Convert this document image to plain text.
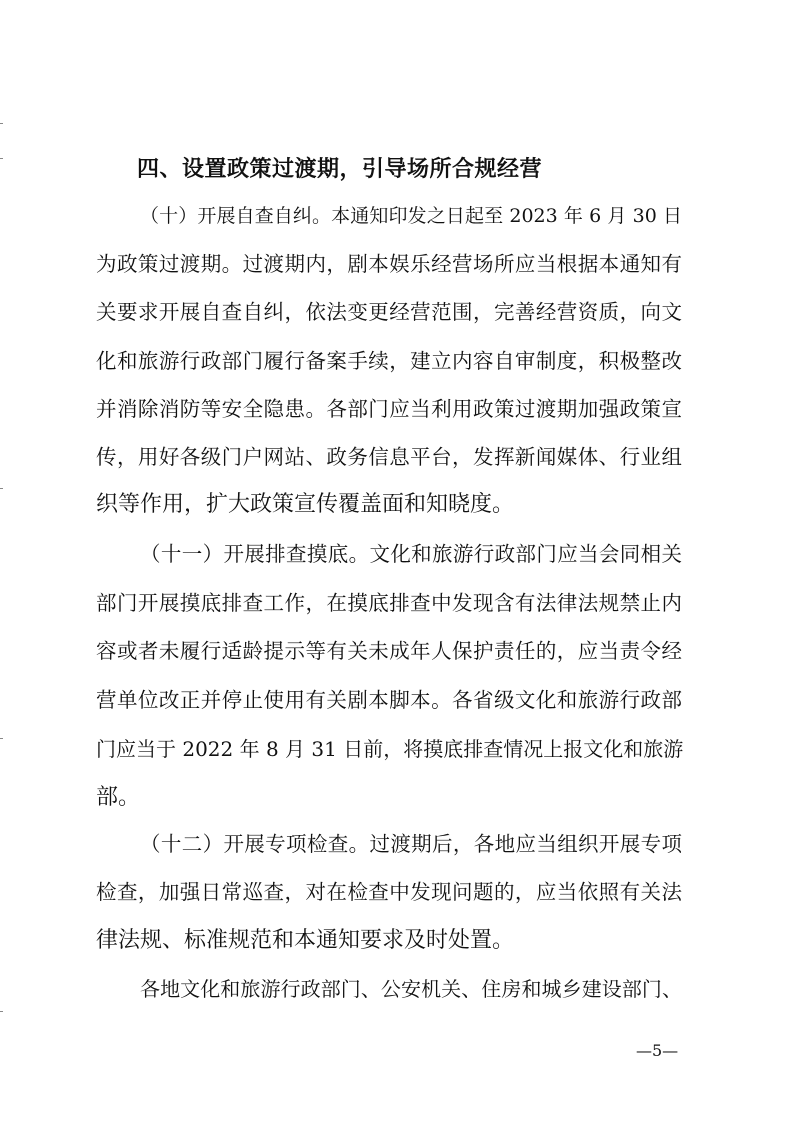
四、设置政策过渡期，引导场所合规经营
（十）开展自查自纠。本通知印发之日起至 2023 年 6 月 30 日
为政策过渡期。过渡期内，剧本娱乐经营场所应当根据本通知有
关要求开展自查自纠，依法变更经营范围，完善经营资质，向文
化和旅游行政部门履行备案手续，建立内容自审制度，积极整改
并消除消防等安全隐患。各部门应当利用政策过渡期加强政策宣
传，用好各级门户网站、政务信息平台，发挥新闻媒体、行业组
织等作用，扩大政策宣传覆盖面和知晓度。
（十一）开展排查摸底。文化和旅游行政部门应当会同相关
部门开展摸底排查工作，在摸底排查中发现含有法律法规禁止内
容或者未履行适龄提示等有关未成年人保护责任的，应当责令经
营单位改正并停止使用有关剧本脚本。各省级文化和旅游行政部
门应当于 2022 年 8 月 31 日前，将摸底排查情况上报文化和旅游
部。
（十二）开展专项检查。过渡期后，各地应当组织开展专项
检查，加强日常巡查，对在检查中发现问题的，应当依照有关法
律法规、标准规范和本通知要求及时处置。
各地文化和旅游行政部门、公安机关、住房和城乡建设部门、
—5—
